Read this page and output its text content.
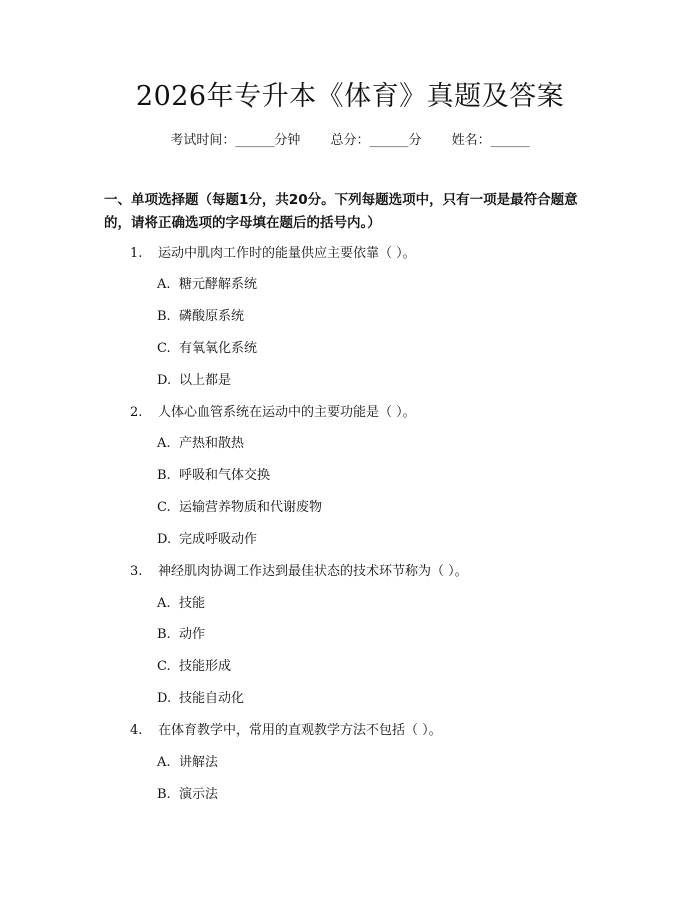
2026年专升本《体育》真题及答案
考试时间：______分钟 总分：______分 姓名：______
一、单项选择题（每题1分，共20分。下列每题选项中，只有一项是最符合题意的，请将正确选项的字母填在题后的括号内。）
1. 运动中肌肉工作时的能量供应主要依靠（ ）。
A. 糖元酵解系统
B. 磷酸原系统
C. 有氧氧化系统
D. 以上都是
2. 人体心血管系统在运动中的主要功能是（ ）。
A. 产热和散热
B. 呼吸和气体交换
C. 运输营养物质和代谢废物
D. 完成呼吸动作
3. 神经肌肉协调工作达到最佳状态的技术环节称为（ ）。
A. 技能
B. 动作
C. 技能形成
D. 技能自动化
4. 在体育教学中，常用的直观教学方法不包括（ ）。
A. 讲解法
B. 演示法
